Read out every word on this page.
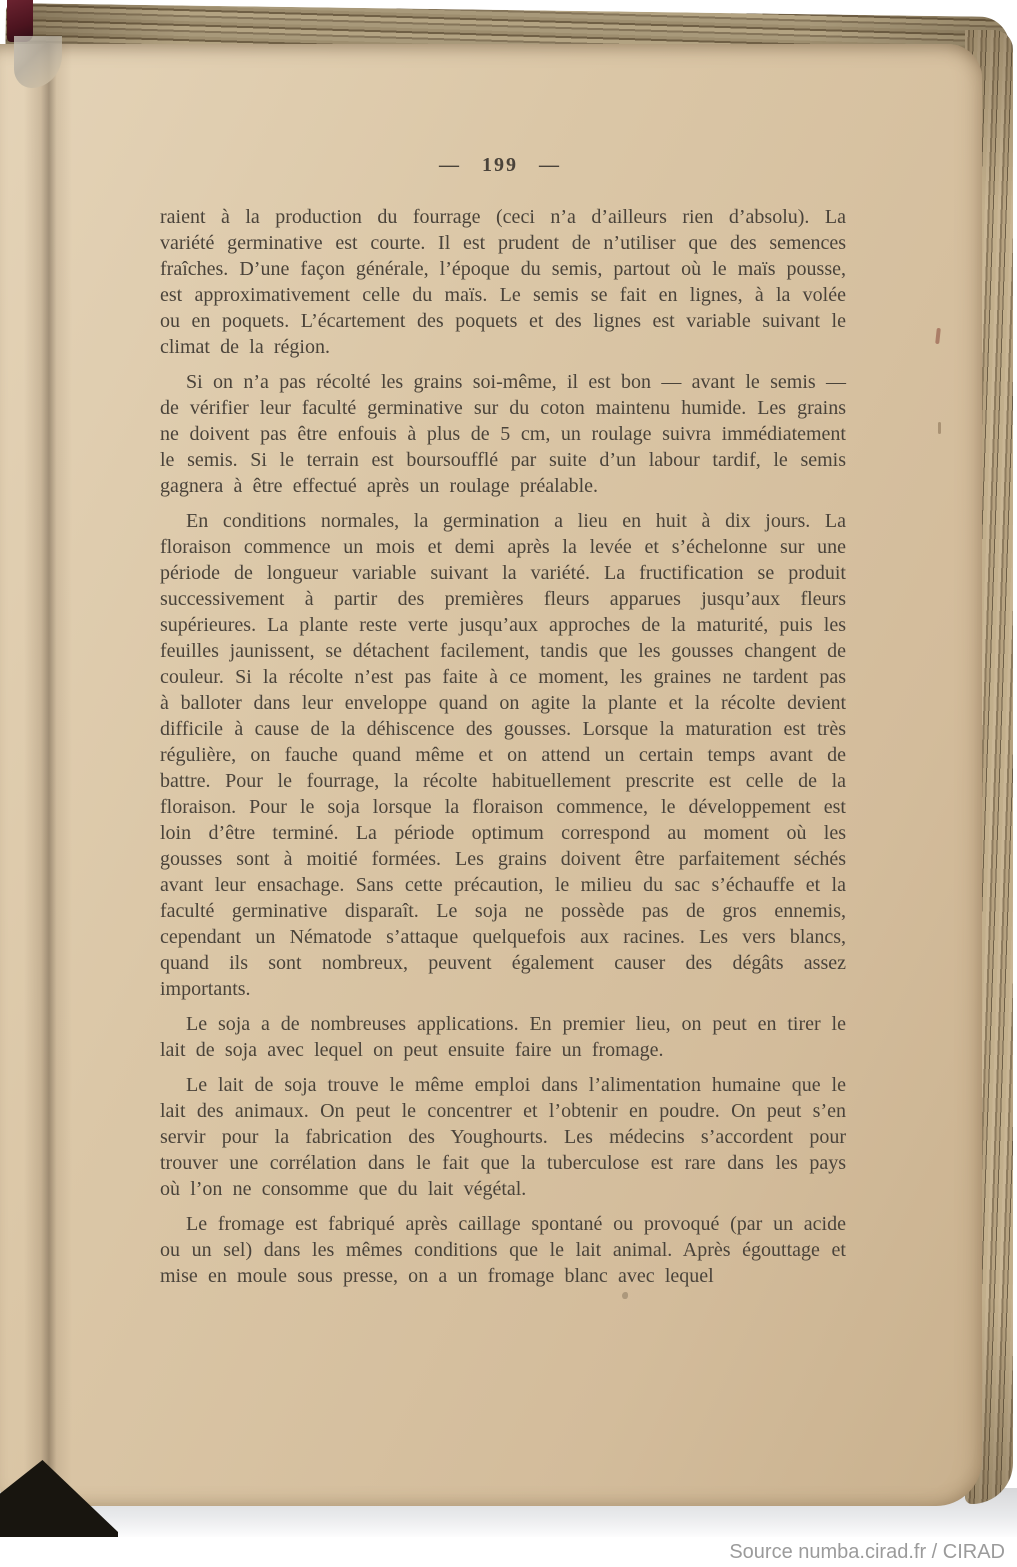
— 199 —

raient à la production du fourrage (ceci n’a d’ailleurs rien d’absolu). La variété germinative est courte. Il est prudent de n’utiliser que des semences fraîches. D’une façon générale, l’époque du semis, partout où le maïs pousse, est approximativement celle du maïs. Le semis se fait en lignes, à la volée ou en poquets. L’écartement des poquets et des lignes est variable suivant le climat de la région.

Si on n’a pas récolté les grains soi-même, il est bon — avant le semis — de vérifier leur faculté germinative sur du coton maintenu humide. Les grains ne doivent pas être enfouis à plus de 5 cm, un roulage suivra immédiatement le semis. Si le terrain est boursoufflé par suite d’un labour tardif, le semis gagnera à être effectué après un roulage préalable.

En conditions normales, la germination a lieu en huit à dix jours. La floraison commence un mois et demi après la levée et s’échelonne sur une période de longueur variable suivant la variété. La fructification se produit successivement à partir des premières fleurs apparues jusqu’aux fleurs supérieures. La plante reste verte jusqu’aux approches de la maturité, puis les feuilles jaunissent, se détachent facilement, tandis que les gousses changent de couleur. Si la récolte n’est pas faite à ce moment, les graines ne tardent pas à balloter dans leur enveloppe quand on agite la plante et la récolte devient difficile à cause de la déhiscence des gousses. Lorsque la maturation est très régulière, on fauche quand même et on attend un certain temps avant de battre. Pour le fourrage, la récolte habituellement prescrite est celle de la floraison. Pour le soja lorsque la floraison commence, le développement est loin d’être terminé. La période optimum correspond au moment où les gousses sont à moitié formées. Les grains doivent être parfaitement séchés avant leur ensachage. Sans cette précaution, le milieu du sac s’échauffe et la faculté germinative disparaît. Le soja ne possède pas de gros ennemis, cependant un Nématode s’attaque quelquefois aux racines. Les vers blancs, quand ils sont nombreux, peuvent également causer des dégâts assez importants.

Le soja a de nombreuses applications. En premier lieu, on peut en tirer le lait de soja avec lequel on peut ensuite faire un fromage.

Le lait de soja trouve le même emploi dans l’alimentation humaine que le lait des animaux. On peut le concentrer et l’obtenir en poudre. On peut s’en servir pour la fabrication des Youghourts. Les médecins s’accordent pour trouver une corrélation dans le fait que la tuberculose est rare dans les pays où l’on ne consomme que du lait végétal.

Le fromage est fabriqué après caillage spontané ou provoqué (par un acide ou un sel) dans les mêmes conditions que le lait animal. Après égouttage et mise en moule sous presse, on a un fromage blanc avec lequel

Source numba.cirad.fr / CIRAD
